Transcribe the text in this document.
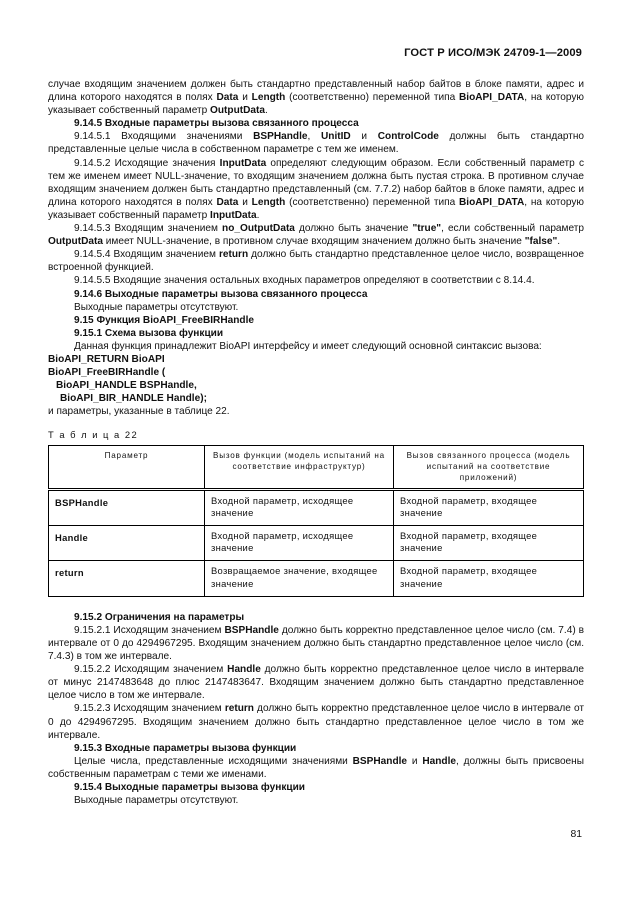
ГОСТ Р ИСО/МЭК 24709-1—2009
случае входящим значением должен быть стандартно представленный набор байтов в блоке памяти, адрес и длина которого находятся в полях Data и Length (соответственно) переменной типа BioAPI_DATA, на которую указывает собственный параметр OutputData.
9.14.5 Входные параметры вызова связанного процесса
9.14.5.1 Входящими значениями BSPHandle, UnitID и ControlCode должны быть стандартно представленные целые числа в собственном параметре с тем же именем.
9.14.5.2 Исходящие значения InputData определяют следующим образом. Если собственный параметр с тем же именем имеет NULL-значение, то входящим значением должна быть пустая строка. В противном случае входящим значением должен быть стандартно представленный (см. 7.7.2) набор байтов в блоке памяти, адрес и длина которого находятся в полях Data и Length (соответственно) переменной типа BioAPI_DATA, на которую указывает собственный параметр InputData.
9.14.5.3 Входящим значением no_OutputData должно быть значение "true", если собственный параметр OutputData имеет NULL-значение, в противном случае входящим значением должно быть значение "false".
9.14.5.4 Входящим значением return должно быть стандартно представленное целое число, возвращенное встроенной функцией.
9.14.5.5 Входящие значения остальных входных параметров определяют в соответствии с 8.14.4.
9.14.6 Выходные параметры вызова связанного процесса
Выходные параметры отсутствуют.
9.15 Функция BioAPI_FreeBIRHandle
9.15.1 Схема вызова функции
Данная функция принадлежит BioAPI интерфейсу и имеет следующий основной синтаксис вызова:
BioAPI_RETURN BioAPI
BioAPI_FreeBIRHandle (
BioAPI_HANDLE BSPHandle,
BioAPI_BIR_HANDLE Handle);
и параметры, указанные в таблице 22.
Т а б л и ц а 22
Параметр	Вызов функции (модель испытаний на соответствие инфраструктур)	Вызов связанного процесса (модель испытаний на соответствие приложений)
BSPHandle	Входной параметр, исходящее значение	Входной параметр, входящее значение
Handle	Входной параметр, исходящее значение	Входной параметр, входящее значение
return	Возвращаемое значение, входящее значение	Входной параметр, входящее значение
9.15.2 Ограничения на параметры
9.15.2.1 Исходящим значением BSPHandle должно быть корректно представленное целое число (см. 7.4) в интервале от 0 до 4294967295. Входящим значением должно быть стандартно представленное целое число (см. 7.4.3) в том же интервале.
9.15.2.2 Исходящим значением Handle должно быть корректно представленное целое число в интервале от минус 2147483648 до плюс 2147483647. Входящим значением должно быть стандартно представленное целое число в том же интервале.
9.15.2.3 Исходящим значением return должно быть корректно представленное целое число в интервале от 0 до 4294967295. Входящим значением должно быть стандартно представленное целое число в том же интервале.
9.15.3 Входные параметры вызова функции
Целые числа, представленные исходящими значениями BSPHandle и Handle, должны быть присвоены собственным параметрам с теми же именами.
9.15.4 Выходные параметры вызова функции
Выходные параметры отсутствуют.
81
